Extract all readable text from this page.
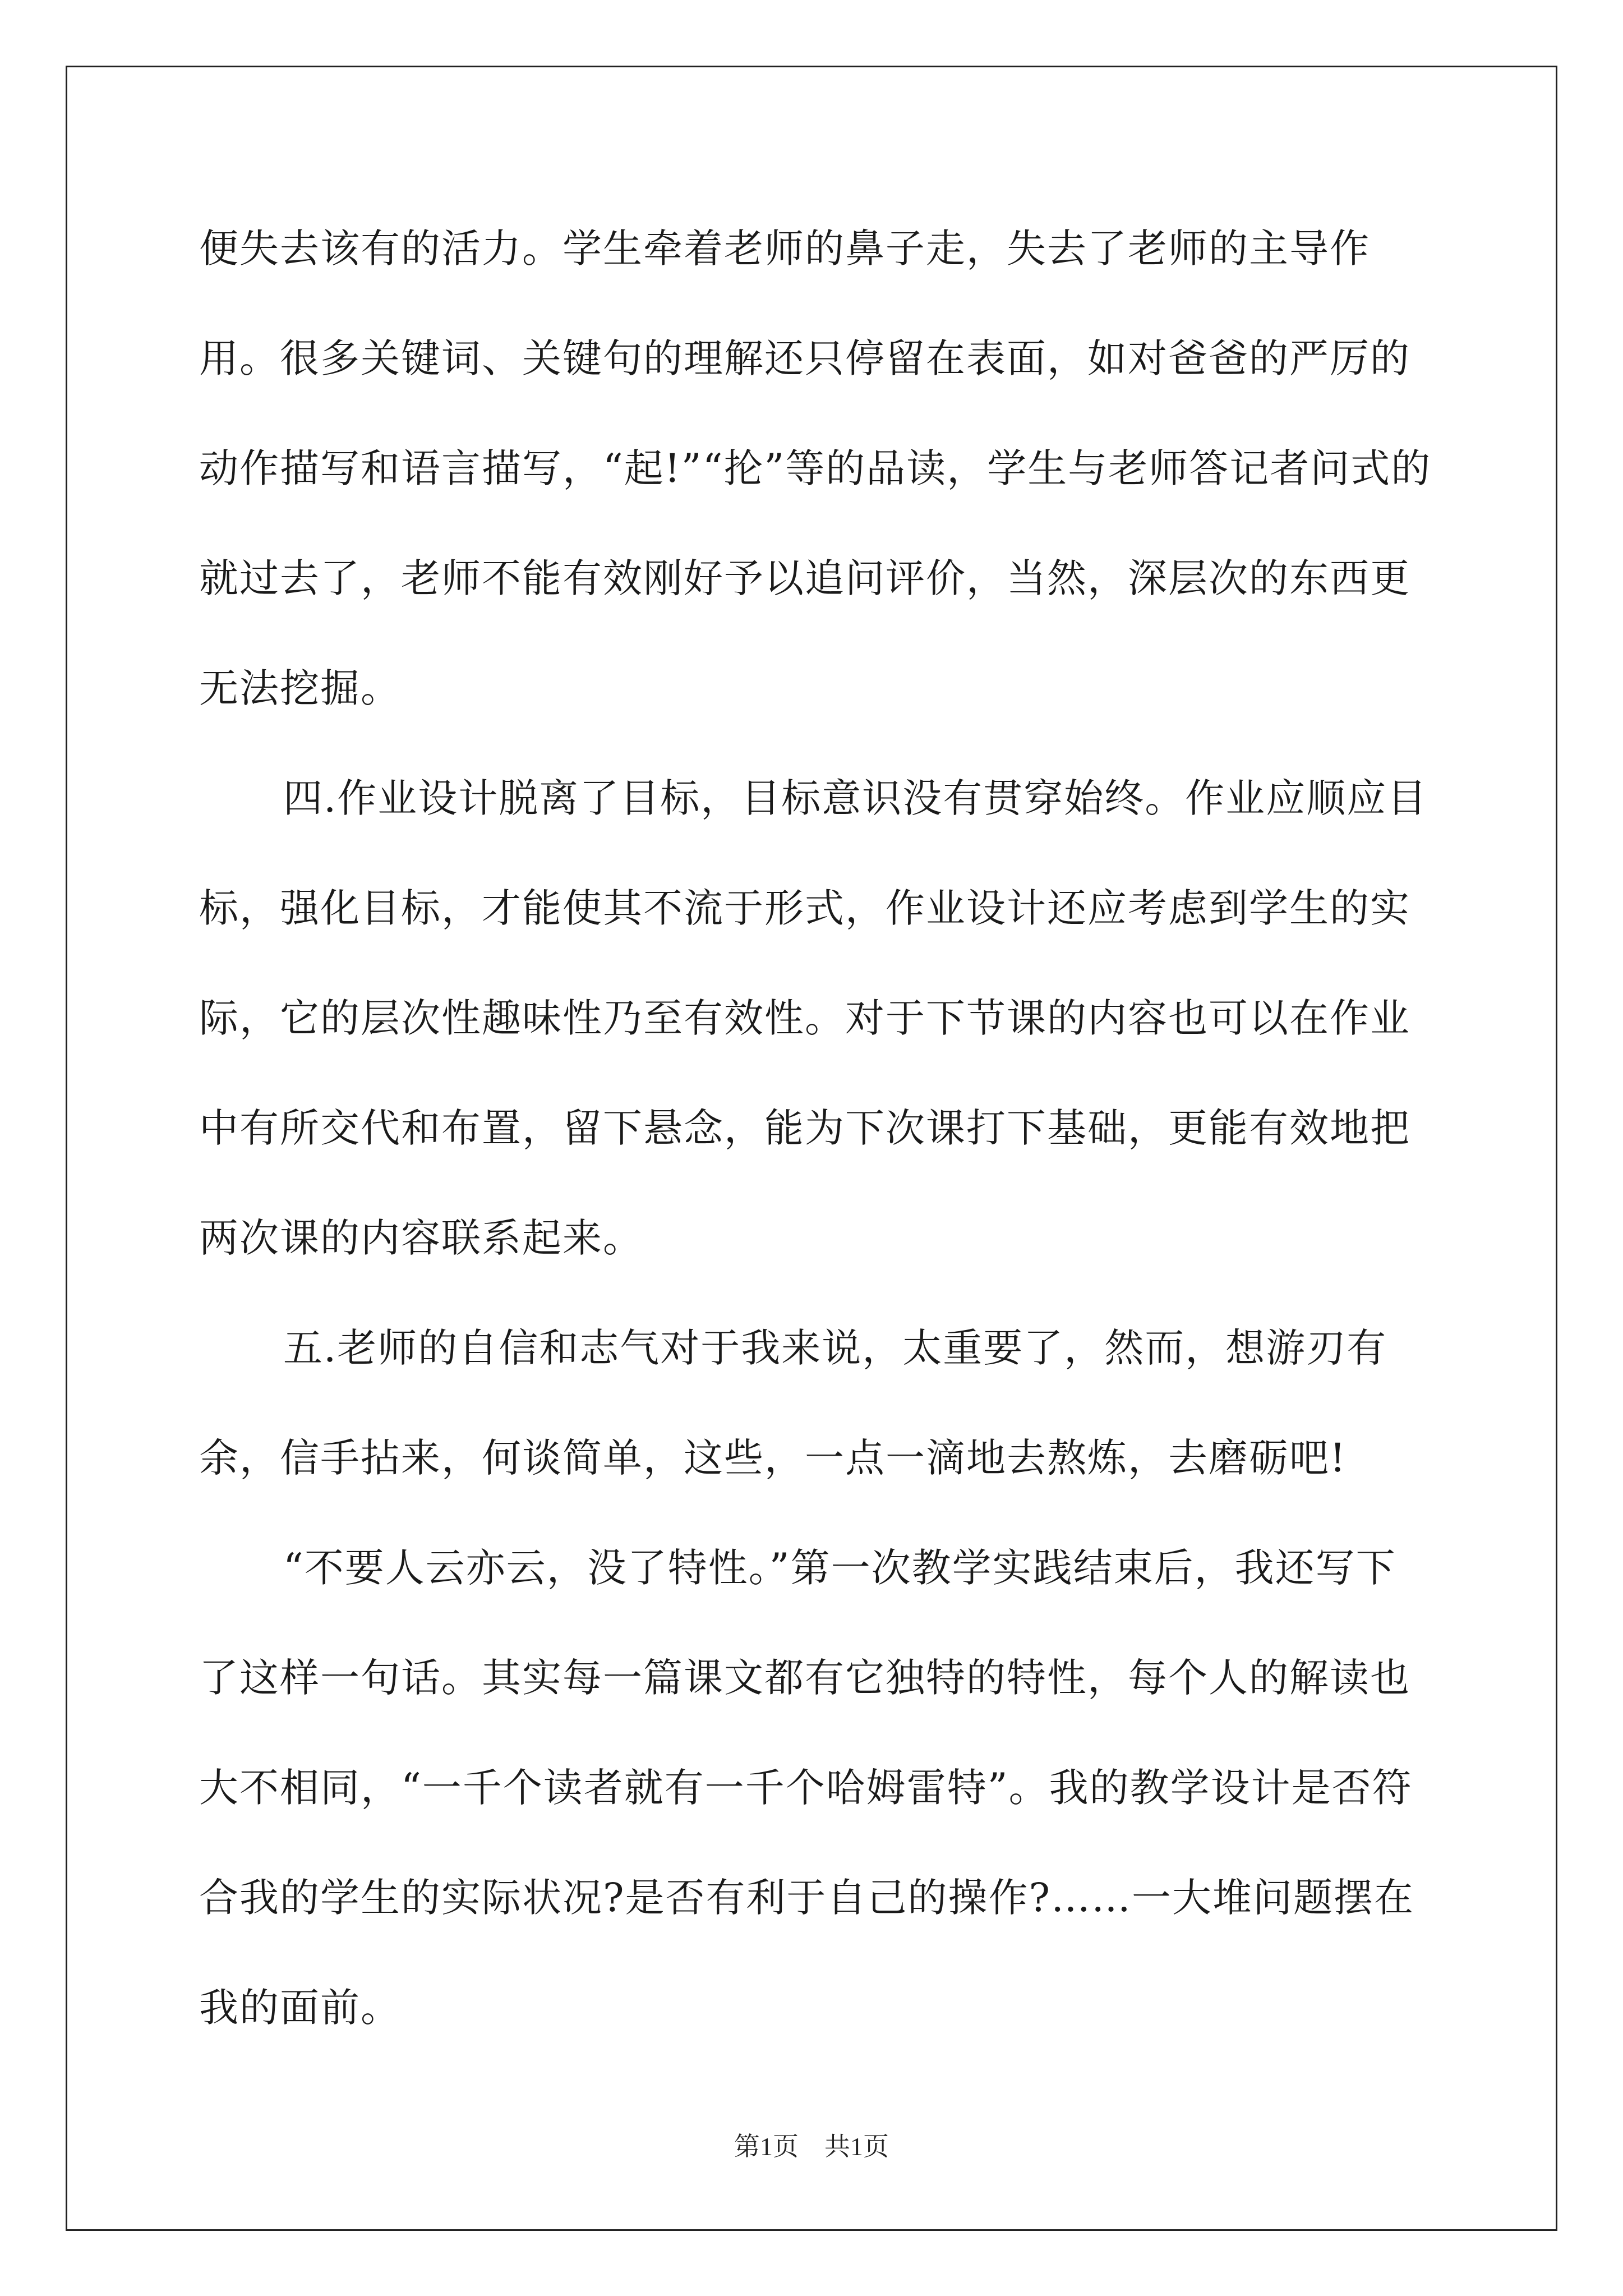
便失去该有的活力。学生牵着老师的鼻子走，失去了老师的主导作用。很多关键词、关键句的理解还只停留在表面，如对爸爸的严厉的动作描写和语言描写，“起!”“抡”等的品读，学生与老师答记者问式的就过去了，老师不能有效刚好予以追问评价，当然，深层次的东西更无法挖掘。

四.作业设计脱离了目标，目标意识没有贯穿始终。作业应顺应目标，强化目标，才能使其不流于形式，作业设计还应考虑到学生的实际，它的层次性趣味性乃至有效性。对于下节课的内容也可以在作业中有所交代和布置，留下悬念，能为下次课打下基础，更能有效地把两次课的内容联系起来。

五.老师的自信和志气对于我来说，太重要了，然而，想游刃有余，信手拈来，何谈简单，这些，一点一滴地去熬炼，去磨砺吧!

“不要人云亦云，没了特性。”第一次教学实践结束后，我还写下了这样一句话。其实每一篇课文都有它独特的特性，每个人的解读也大不相同，“一千个读者就有一千个哈姆雷特”。我的教学设计是否符合我的学生的实际状况?是否有利于自己的操作?……一大堆问题摆在我的面前。

第1页　共1页
